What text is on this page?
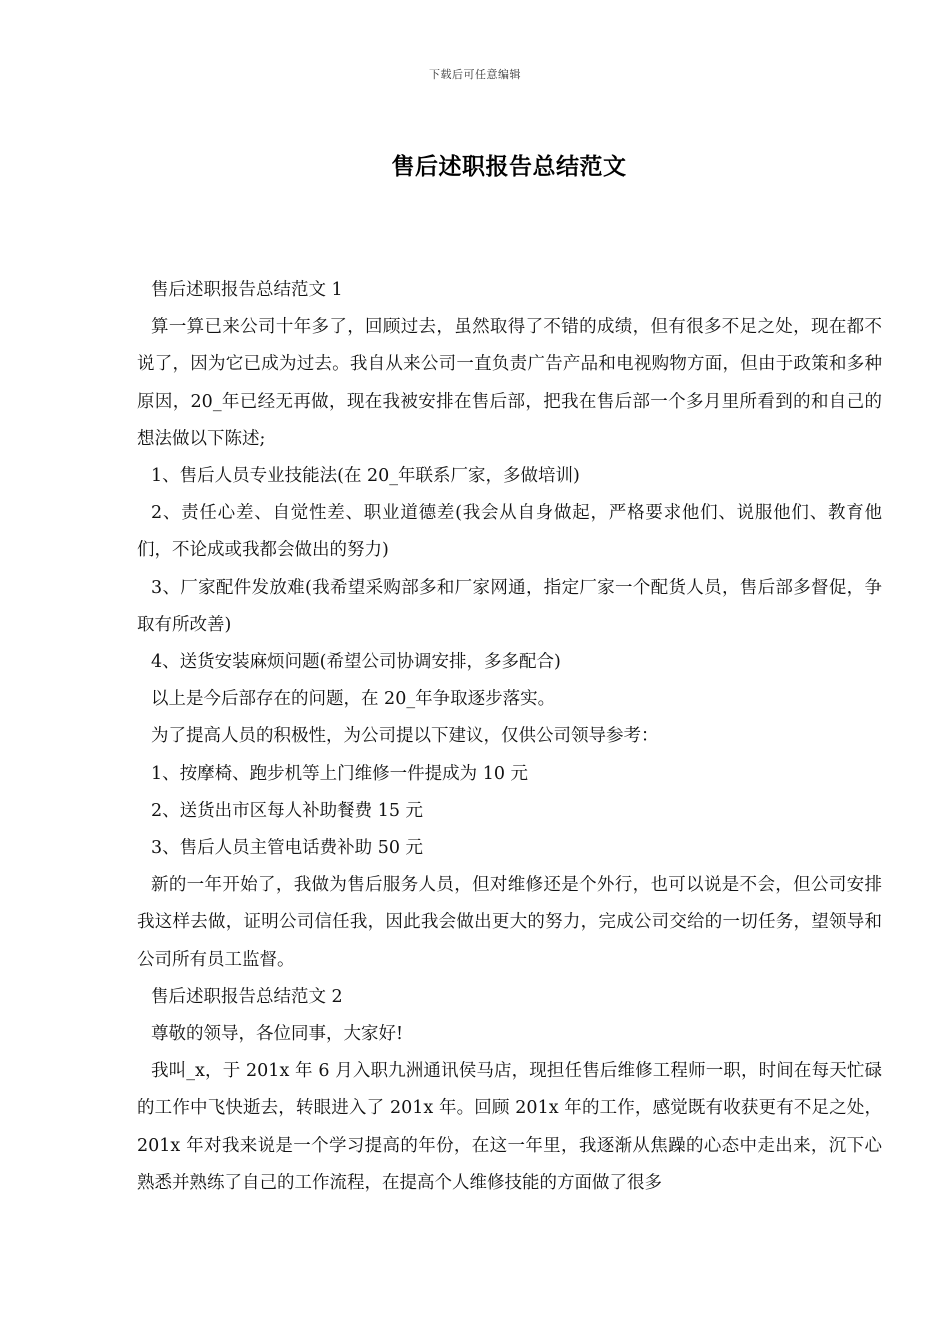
下载后可任意编辑
售后述职报告总结范文

售后述职报告总结范文 1

算一算已来公司十年多了，回顾过去，虽然取得了不错的成绩，但有很多不足之处，现在都不说了，因为它已成为过去。我自从来公司一直负责广告产品和电视购物方面，但由于政策和多种原因，20_年已经无再做，现在我被安排在售后部，把我在售后部一个多月里所看到的和自己的想法做以下陈述;

1、售后人员专业技能法(在 20_年联系厂家，多做培训)

2、责任心差、自觉性差、职业道德差(我会从自身做起，严格要求他们、说服他们、教育他们，不论成或我都会做出的努力)

3、厂家配件发放难(我希望采购部多和厂家网通，指定厂家一个配货人员，售后部多督促，争取有所改善)

4、送货安装麻烦问题(希望公司协调安排，多多配合)

以上是今后部存在的问题，在 20_年争取逐步落实。

为了提高人员的积极性，为公司提以下建议，仅供公司领导参考：

1、按摩椅、跑步机等上门维修一件提成为 10 元

2、送货出市区每人补助餐费 15 元

3、售后人员主管电话费补助 50 元

新的一年开始了，我做为售后服务人员，但对维修还是个外行，也可以说是不会，但公司安排我这样去做，证明公司信任我，因此我会做出更大的努力，完成公司交给的一切任务，望领导和公司所有员工监督。

售后述职报告总结范文 2

尊敬的领导，各位同事，大家好!

我叫_x，于 201x 年 6 月入职九洲通讯侯马店，现担任售后维修工程师一职，时间在每天忙碌的工作中飞快逝去，转眼进入了 201x 年。回顾 201x 年的工作，感觉既有收获更有不足之处，201x 年对我来说是一个学习提高的年份，在这一年里，我逐渐从焦躁的心态中走出来，沉下心熟悉并熟练了自己的工作流程，在提高个人维修技能的方面做了很多
